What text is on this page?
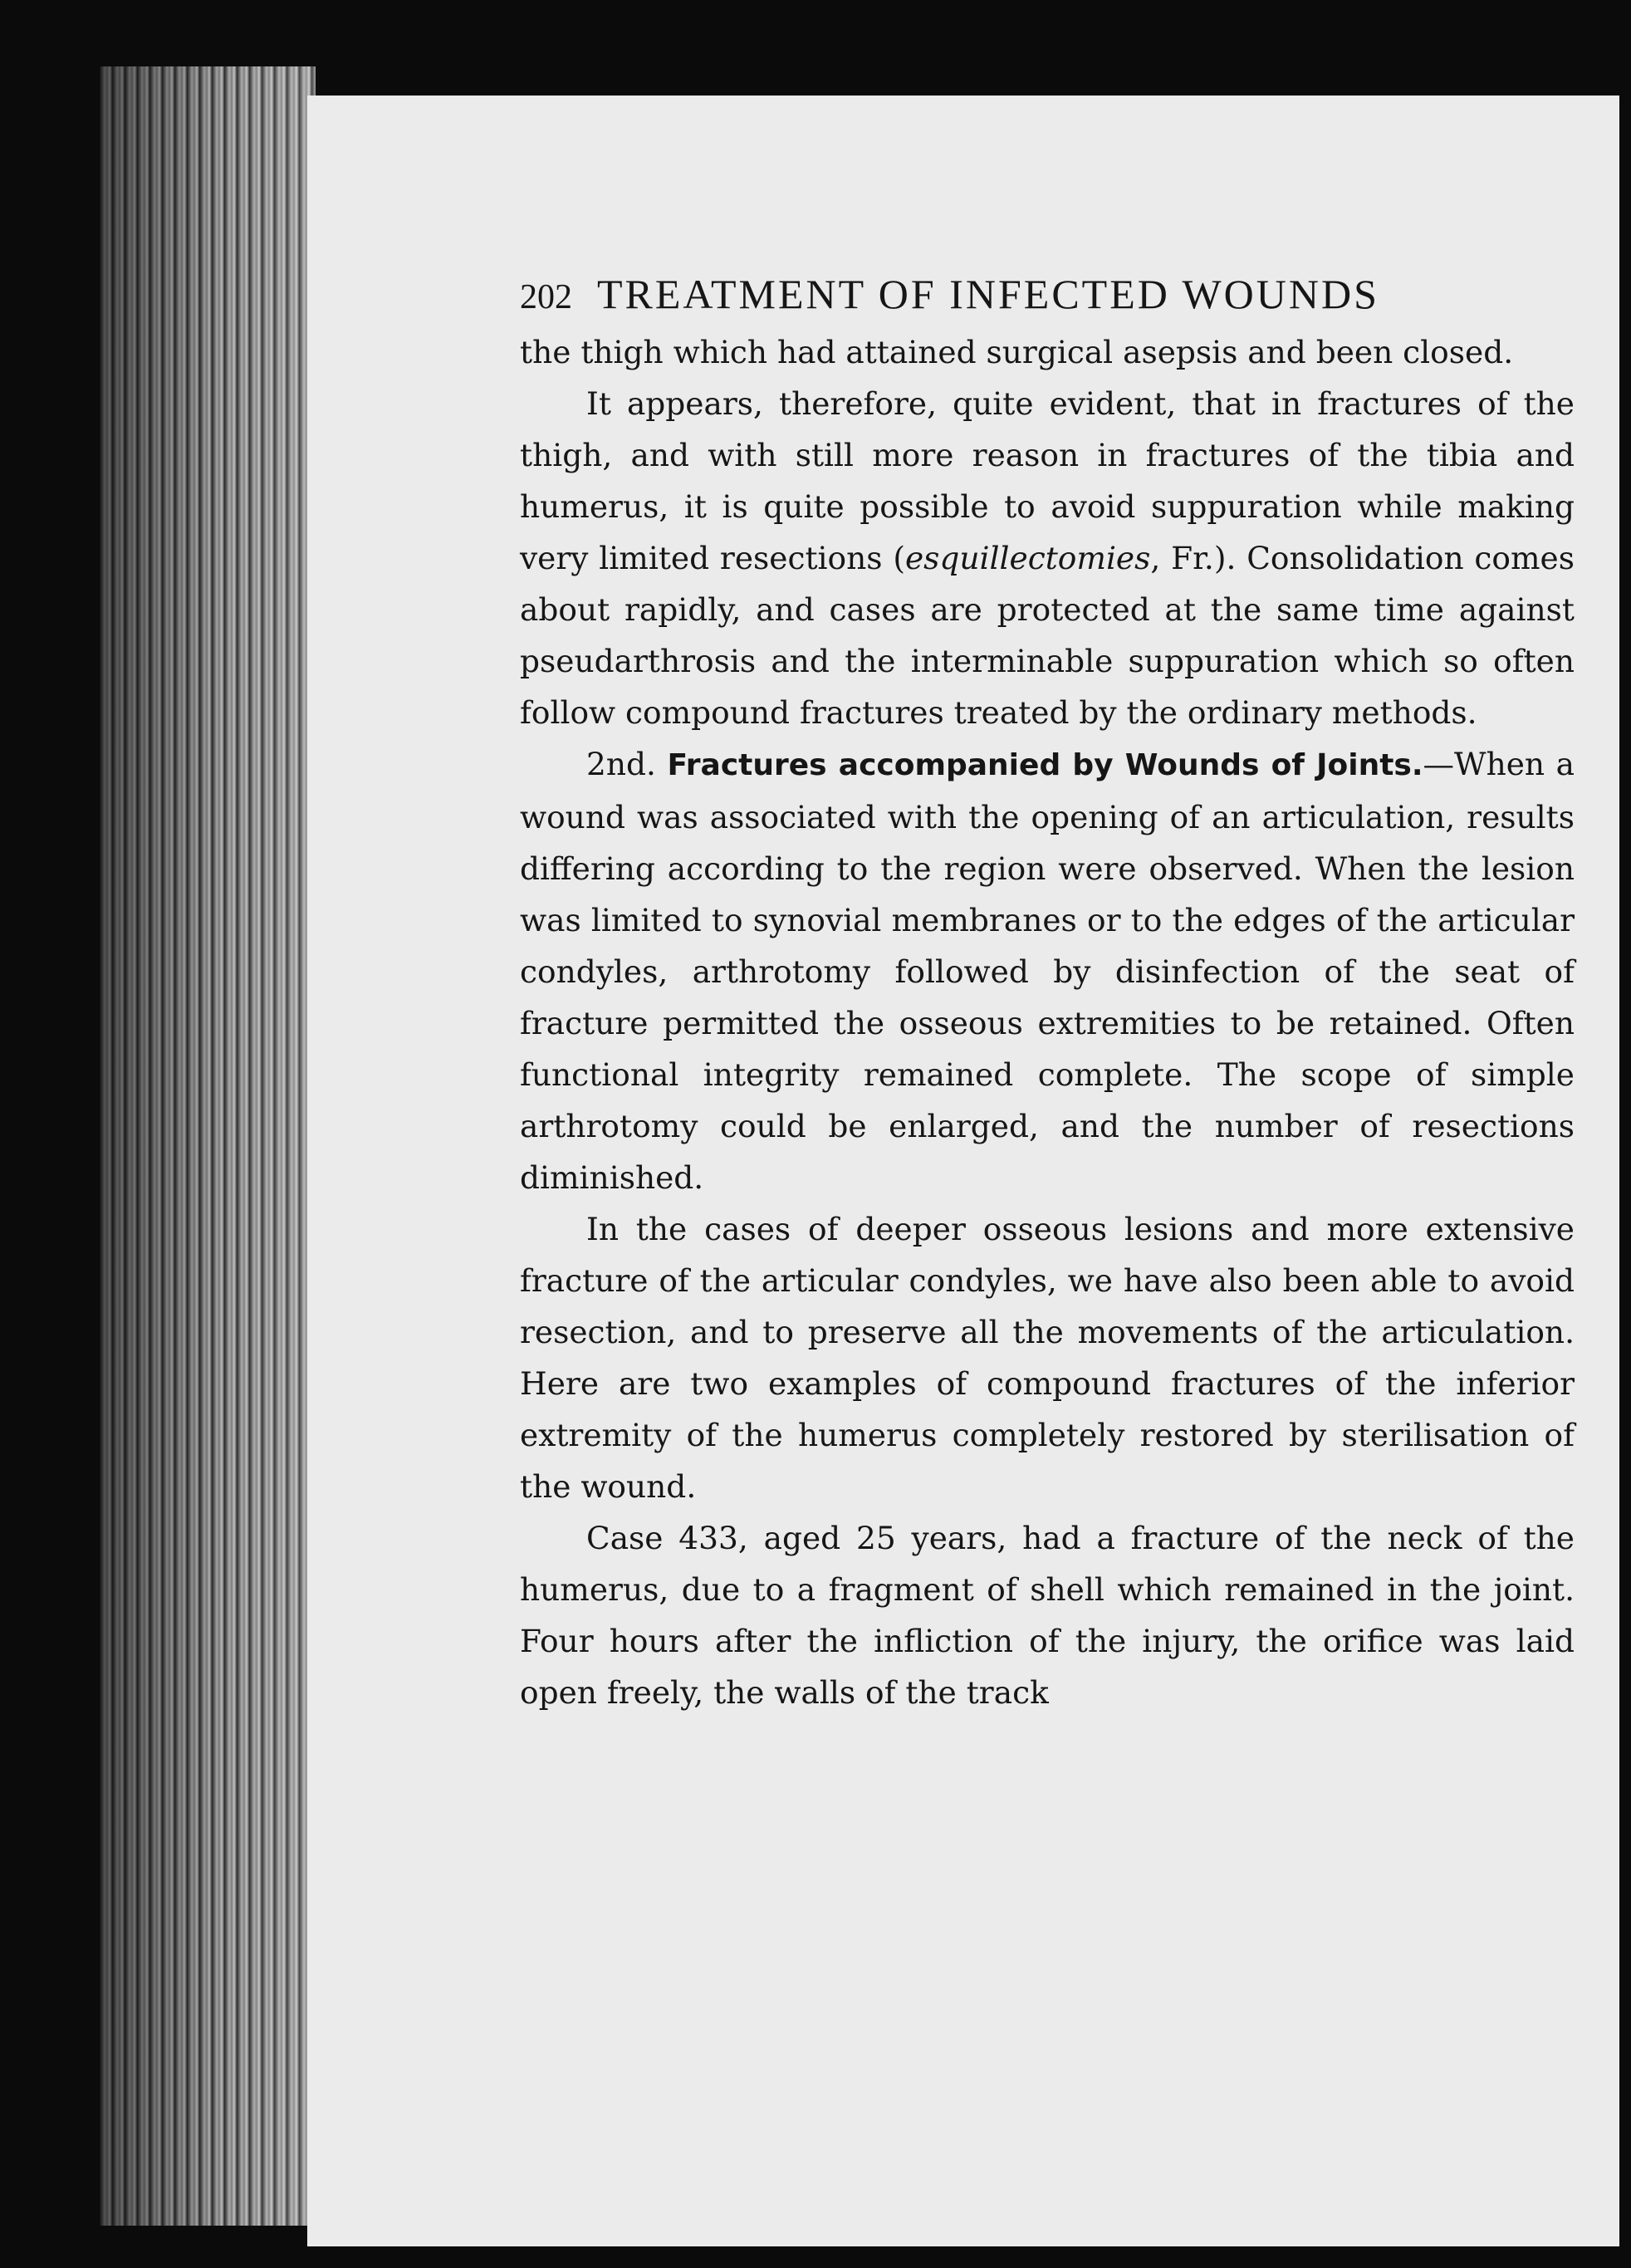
202 TREATMENT OF INFECTED WOUNDS

the thigh which had attained surgical asepsis and been closed.

It appears, therefore, quite evident, that in fractures of the thigh, and with still more reason in fractures of the tibia and humerus, it is quite possible to avoid suppuration while making very limited resections (esquillectomies, Fr.). Consolidation comes about rapidly, and cases are protected at the same time against pseudarthrosis and the interminable suppuration which so often follow compound fractures treated by the ordinary methods.

2nd. Fractures accompanied by Wounds of Joints.—When a wound was associated with the opening of an articulation, results differing according to the region were observed. When the lesion was limited to synovial membranes or to the edges of the articular condyles, arthrotomy followed by disinfection of the seat of fracture permitted the osseous extremities to be retained. Often functional integrity remained complete. The scope of simple arthrotomy could be enlarged, and the number of resections diminished.

In the cases of deeper osseous lesions and more extensive fracture of the articular condyles, we have also been able to avoid resection, and to preserve all the movements of the articulation. Here are two examples of compound fractures of the inferior extremity of the humerus completely restored by sterilisation of the wound.

Case 433, aged 25 years, had a fracture of the neck of the humerus, due to a fragment of shell which remained in the joint. Four hours after the infliction of the injury, the orifice was laid open freely, the walls of the track
